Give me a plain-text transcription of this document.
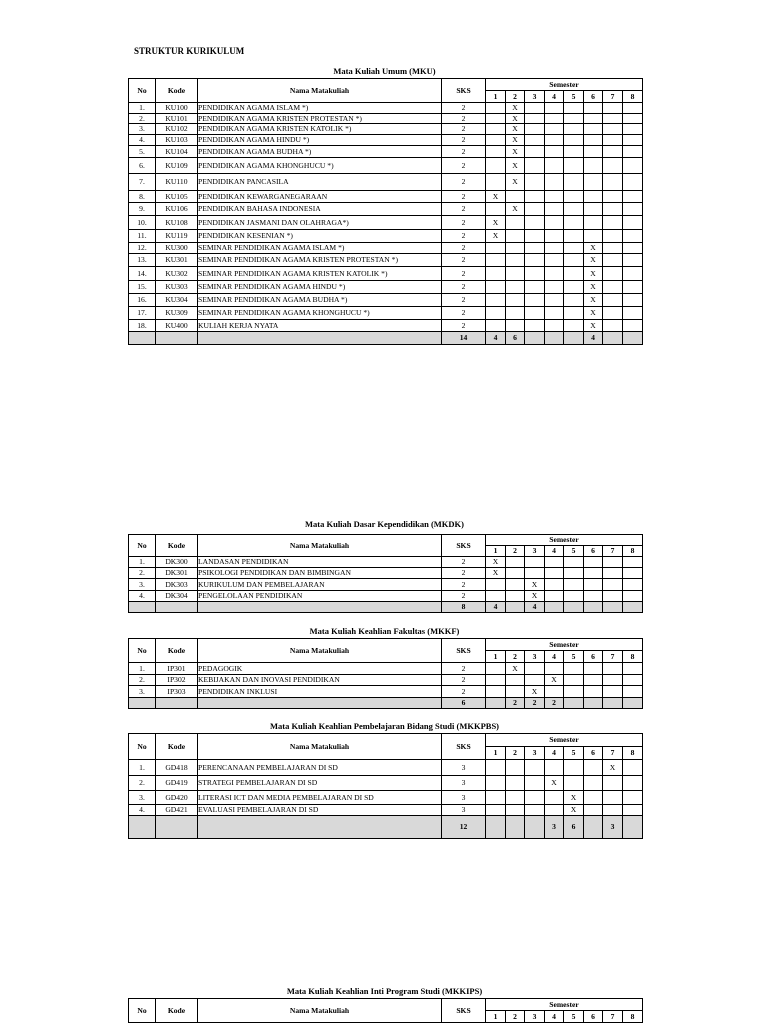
STRUKTUR KURIKULUM
Mata Kuliah Umum (MKU)
No	Kode	Nama Matakuliah	SKS	Semester							
				1	2	3	4	5	6	7	8
1.	KU100	PENDIDIKAN AGAMA ISLAM *)	2		X						
2.	KU101	PENDIDIKAN AGAMA KRISTEN PROTESTAN *)	2		X						
3.	KU102	PENDIDIKAN AGAMA KRISTEN KATOLIK *)	2		X						
4.	KU103	PENDIDIKAN AGAMA HINDU *)	2		X						
5.	KU104	PENDIDIKAN AGAMA BUDHA *)	2		X						
6.	KU109	PENDIDIKAN AGAMA KHONGHUCU *)	2		X						
7.	KU110	PENDIDIKAN PANCASILA	2		X						
8.	KU105	PENDIDIKAN KEWARGANEGARAAN	2	X							
9.	KU106	PENDIDIKAN BAHASA INDONESIA	2		X						
10.	KU108	PENDIDIKAN JASMANI DAN OLAHRAGA*)	2	X							
11.	KU119	PENDIDIKAN KESENIAN *)	2	X							
12.	KU300	SEMINAR PENDIDIKAN AGAMA ISLAM *)	2						X		
13.	KU301	SEMINAR PENDIDIKAN AGAMA KRISTEN PROTESTAN *)	2						X		
14.	KU302	SEMINAR PENDIDIKAN AGAMA KRISTEN KATOLIK *)	2						X		
15.	KU303	SEMINAR PENDIDIKAN AGAMA HINDU *)	2						X		
16.	KU304	SEMINAR PENDIDIKAN AGAMA BUDHA *)	2						X		
17.	KU309	SEMINAR PENDIDIKAN AGAMA KHONGHUCU *)	2						X		
18.	KU400	KULIAH KERJA NYATA	2						X		
			14	4	6				4		
Mata Kuliah Dasar Kependidikan (MKDK)
No	Kode	Nama Matakuliah	SKS	Semester							
				1	2	3	4	5	6	7	8
1.	DK300	LANDASAN PENDIDIKAN	2	X							
2.	DK301	PSIKOLOGI PENDIDIKAN DAN BIMBINGAN	2	X							
3.	DK303	KURIKULUM DAN PEMBELAJARAN	2			X					
4.	DK304	PENGELOLAAN PENDIDIKAN	2			X					
			8	4		4					
Mata Kuliah Keahlian Fakultas (MKKF)
No	Kode	Nama Matakuliah	SKS	Semester							
				1	2	3	4	5	6	7	8
1.	IP301	PEDAGOGIK	2		X						
2.	IP302	KEBIJAKAN DAN INOVASI PENDIDIKAN	2				X				
3.	IP303	PENDIDIKAN INKLUSI	2			X					
			6		2	2	2				
Mata Kuliah Keahlian Pembelajaran Bidang Studi (MKKPBS)
No	Kode	Nama Matakuliah	SKS	Semester							
				1	2	3	4	5	6	7	8
1.	GD418	PERENCANAAN PEMBELAJARAN DI SD	3							X	
2.	GD419	STRATEGI PEMBELAJARAN DI SD	3				X				
3.	GD420	LITERASI ICT DAN MEDIA PEMBELAJARAN DI SD	3					X			
4.	GD421	EVALUASI PEMBELAJARAN DI SD	3					X			
			12				3	6		3	
Mata Kuliah Keahlian Inti Program Studi (MKKIPS)
No	Kode	Nama Matakuliah	SKS	Semester							
				1	2	3	4	5	6	7	8
